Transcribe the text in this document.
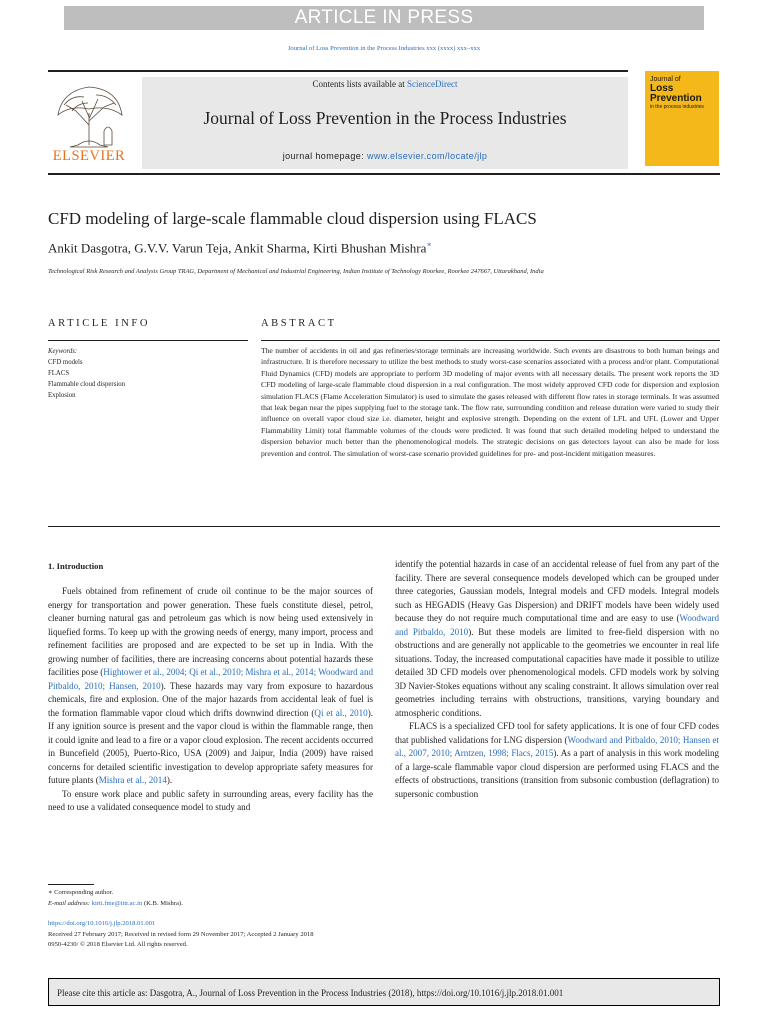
ARTICLE IN PRESS
Journal of Loss Prevention in the Process Industries xxx (xxxx) xxx–xxx
ELSEVIER
Contents lists available at ScienceDirect
Journal of Loss Prevention in the Process Industries
journal homepage: www.elsevier.com/locate/jlp
Journal of
Loss
Prevention
in the process industries
CFD modeling of large-scale flammable cloud dispersion using FLACS
Ankit Dasgotra, G.V.V. Varun Teja, Ankit Sharma, Kirti Bhushan Mishra∗
Technological Risk Research and Analysis Group TRAG, Department of Mechanical and Industrial Engineering, Indian Institute of Technology Roorkee, Roorkee 247667, Uttarakhand, India
ARTICLE INFO	ABSTRACT
Keywords:
CFD models
FLACS
Flammable cloud dispersion
Explosion
The number of accidents in oil and gas refineries/storage terminals are increasing worldwide. Such events are disastrous to both human beings and infrastructure. It is therefore necessary to utilize the best methods to study worst-case scenarios associated with a process and/or plant. Computational Fluid Dynamics (CFD) models are appropriate to perform 3D modeling of major events with all necessary details. The present work reports the 3D CFD modeling of large-scale flammable cloud dispersion in a real configuration. The most widely approved CFD code for dispersion and explosion simulation FLACS (Flame Acceleration Simulator) is used to simulate the gases released with different flow rates in storage terminals. It was assumed that leak began near the pipes supplying fuel to the storage tank. The flow rate, surrounding condition and release duration were varied to study their influence on overall vapor cloud size i.e. diameter, height and explosive strength. Depending on the extent of LFL and UFL (Lower and Upper Flammability Limit) total flammable volumes of the clouds were predicted. It was found that such detailed modeling helped to understand the dispersion behavior much better than the phenomenological models. The strategic decisions on gas detectors layout can also be made for loss prevention and control. The simulation of worst-case scenario provided guidelines for pre- and post-incident mitigation measures.
1. Introduction

Fuels obtained from refinement of crude oil continue to be the major sources of energy for transportation and power generation. These fuels constitute diesel, petrol, cleaner burning natural gas and petroleum gas which is now being used extensively in liquefied forms. To keep up with the growing needs of energy, many import, process and refinement facilities are proposed and are expected to be set up in India. With the growing number of facilities, there are increasing concerns about potential hazards these facilities pose (Hightower et al., 2004; Qi et al., 2010; Mishra et al., 2014; Woodward and Pitbaldo, 2010; Hansen, 2010). These hazards may vary from exposure to hazardous chemicals, fire and explosion. One of the major hazards from accidental leak of fuel is the formation flammable vapor cloud which drifts downwind direction (Qi et al., 2010). If any ignition source is present and the vapor cloud is within the flammable range, then it could ignite and lead to a fire or a vapor cloud explosion. The recent accidents occurred in Buncefield (2005), Puerto-Rico, USA (2009) and Jaipur, India (2009) have raised concerns for detailed scientific investigation to develop appropriate safety measures for future plants (Mishra et al., 2014).

To ensure work place and public safety in surrounding areas, every facility has the need to use a validated consequence model to study and

identify the potential hazards in case of an accidental release of fuel from any part of the facility. There are several consequence models developed which can be grouped under three categories, Gaussian models, Integral models and CFD models. Integral models such as HEGADIS (Heavy Gas Dispersion) and DRIFT models have been widely used because they do not require much computational time and are easy to use (Woodward and Pitbaldo, 2010). But these models are limited to free-field dispersion with no obstructions and are generally not applicable to the geometries we encounter in real life situations. Today, the increased computational capacities have made it possible to utilize detailed 3D CFD models over phenomenological models. CFD models work by solving 3D Navier-Stokes equations without any scaling constraint. It allows simulation over real geometries including terrains with obstructions, transitions, varying boundary and atmospheric conditions.

FLACS is a specialized CFD tool for safety applications. It is one of four CFD codes that published validations for LNG dispersion (Woodward and Pitbaldo, 2010; Hansen et al., 2007, 2010; Arntzen, 1998; Flacs, 2015). As a part of analysis in this work modeling of a large-scale flammable vapor cloud dispersion are performed using FLACS and the effects of obstructions, transitions (transition from subsonic combustion (deflagration) to supersonic combustion

∗ Corresponding author.
E-mail address: kirti.fme@iitr.ac.in (K.B. Mishra).
https://doi.org/10.1016/j.jlp.2018.01.001
Received 27 February 2017; Received in revised form 29 November 2017; Accepted 2 January 2018
0950-4230/ © 2018 Elsevier Ltd. All rights reserved.
Please cite this article as: Dasgotra, A., Journal of Loss Prevention in the Process Industries (2018), https://doi.org/10.1016/j.jlp.2018.01.001
